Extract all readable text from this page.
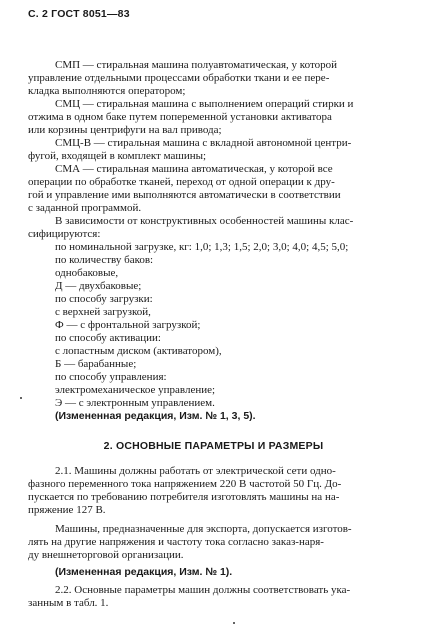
С. 2 ГОСТ 8051—83
СМП — стиральная машина полуавтоматическая, у которой
управление отдельными процессами обработки ткани и ее пере-
кладка выполняются оператором;
СМЦ — стиральная машина с выполнением операций стирки и
отжима в одном баке путем попеременной установки активатора
или корзины центрифуги на вал привода;
СМЦ-В — стиральная машина с вкладной автономной центри-
фугой, входящей в комплект машины;
СМА — стиральная машина автоматическая, у которой все
операции по обработке тканей, переход от одной операции к дру-
гой и управление ими выполняются автоматически в соответствии
с заданной программой.
В зависимости от конструктивных особенностей машины клас-
сифицируются:
по номинальной загрузке, кг: 1,0; 1,3; 1,5; 2,0; 3,0; 4,0; 4,5; 5,0;
по количеству баков:
однобаковые,
Д — двухбаковые;
по способу загрузки:
с верхней загрузкой,
Ф — с фронтальной загрузкой;
по способу активации:
с лопастным диском (активатором),
Б — барабанные;
по способу управления:
электромеханическое управление;
Э — с электронным управлением.
(Измененная редакция, Изм. № 1, 3, 5).
2. ОСНОВНЫЕ ПАРАМЕТРЫ И РАЗМЕРЫ
2.1. Машины должны работать от электрической сети одно-
фазного переменного тока напряжением 220 В частотой 50 Гц. До-
пускается по требованию потребителя изготовлять машины на на-
пряжение 127 В.
Машины, предназначенные для экспорта, допускается изготов-
лять на другие напряжения и частоту тока согласно заказ-наря-
ду внешнеторговой организации.
(Измененная редакция, Изм. № 1).
2.2. Основные параметры машин должны соответствовать ука-
занным в табл. 1.
